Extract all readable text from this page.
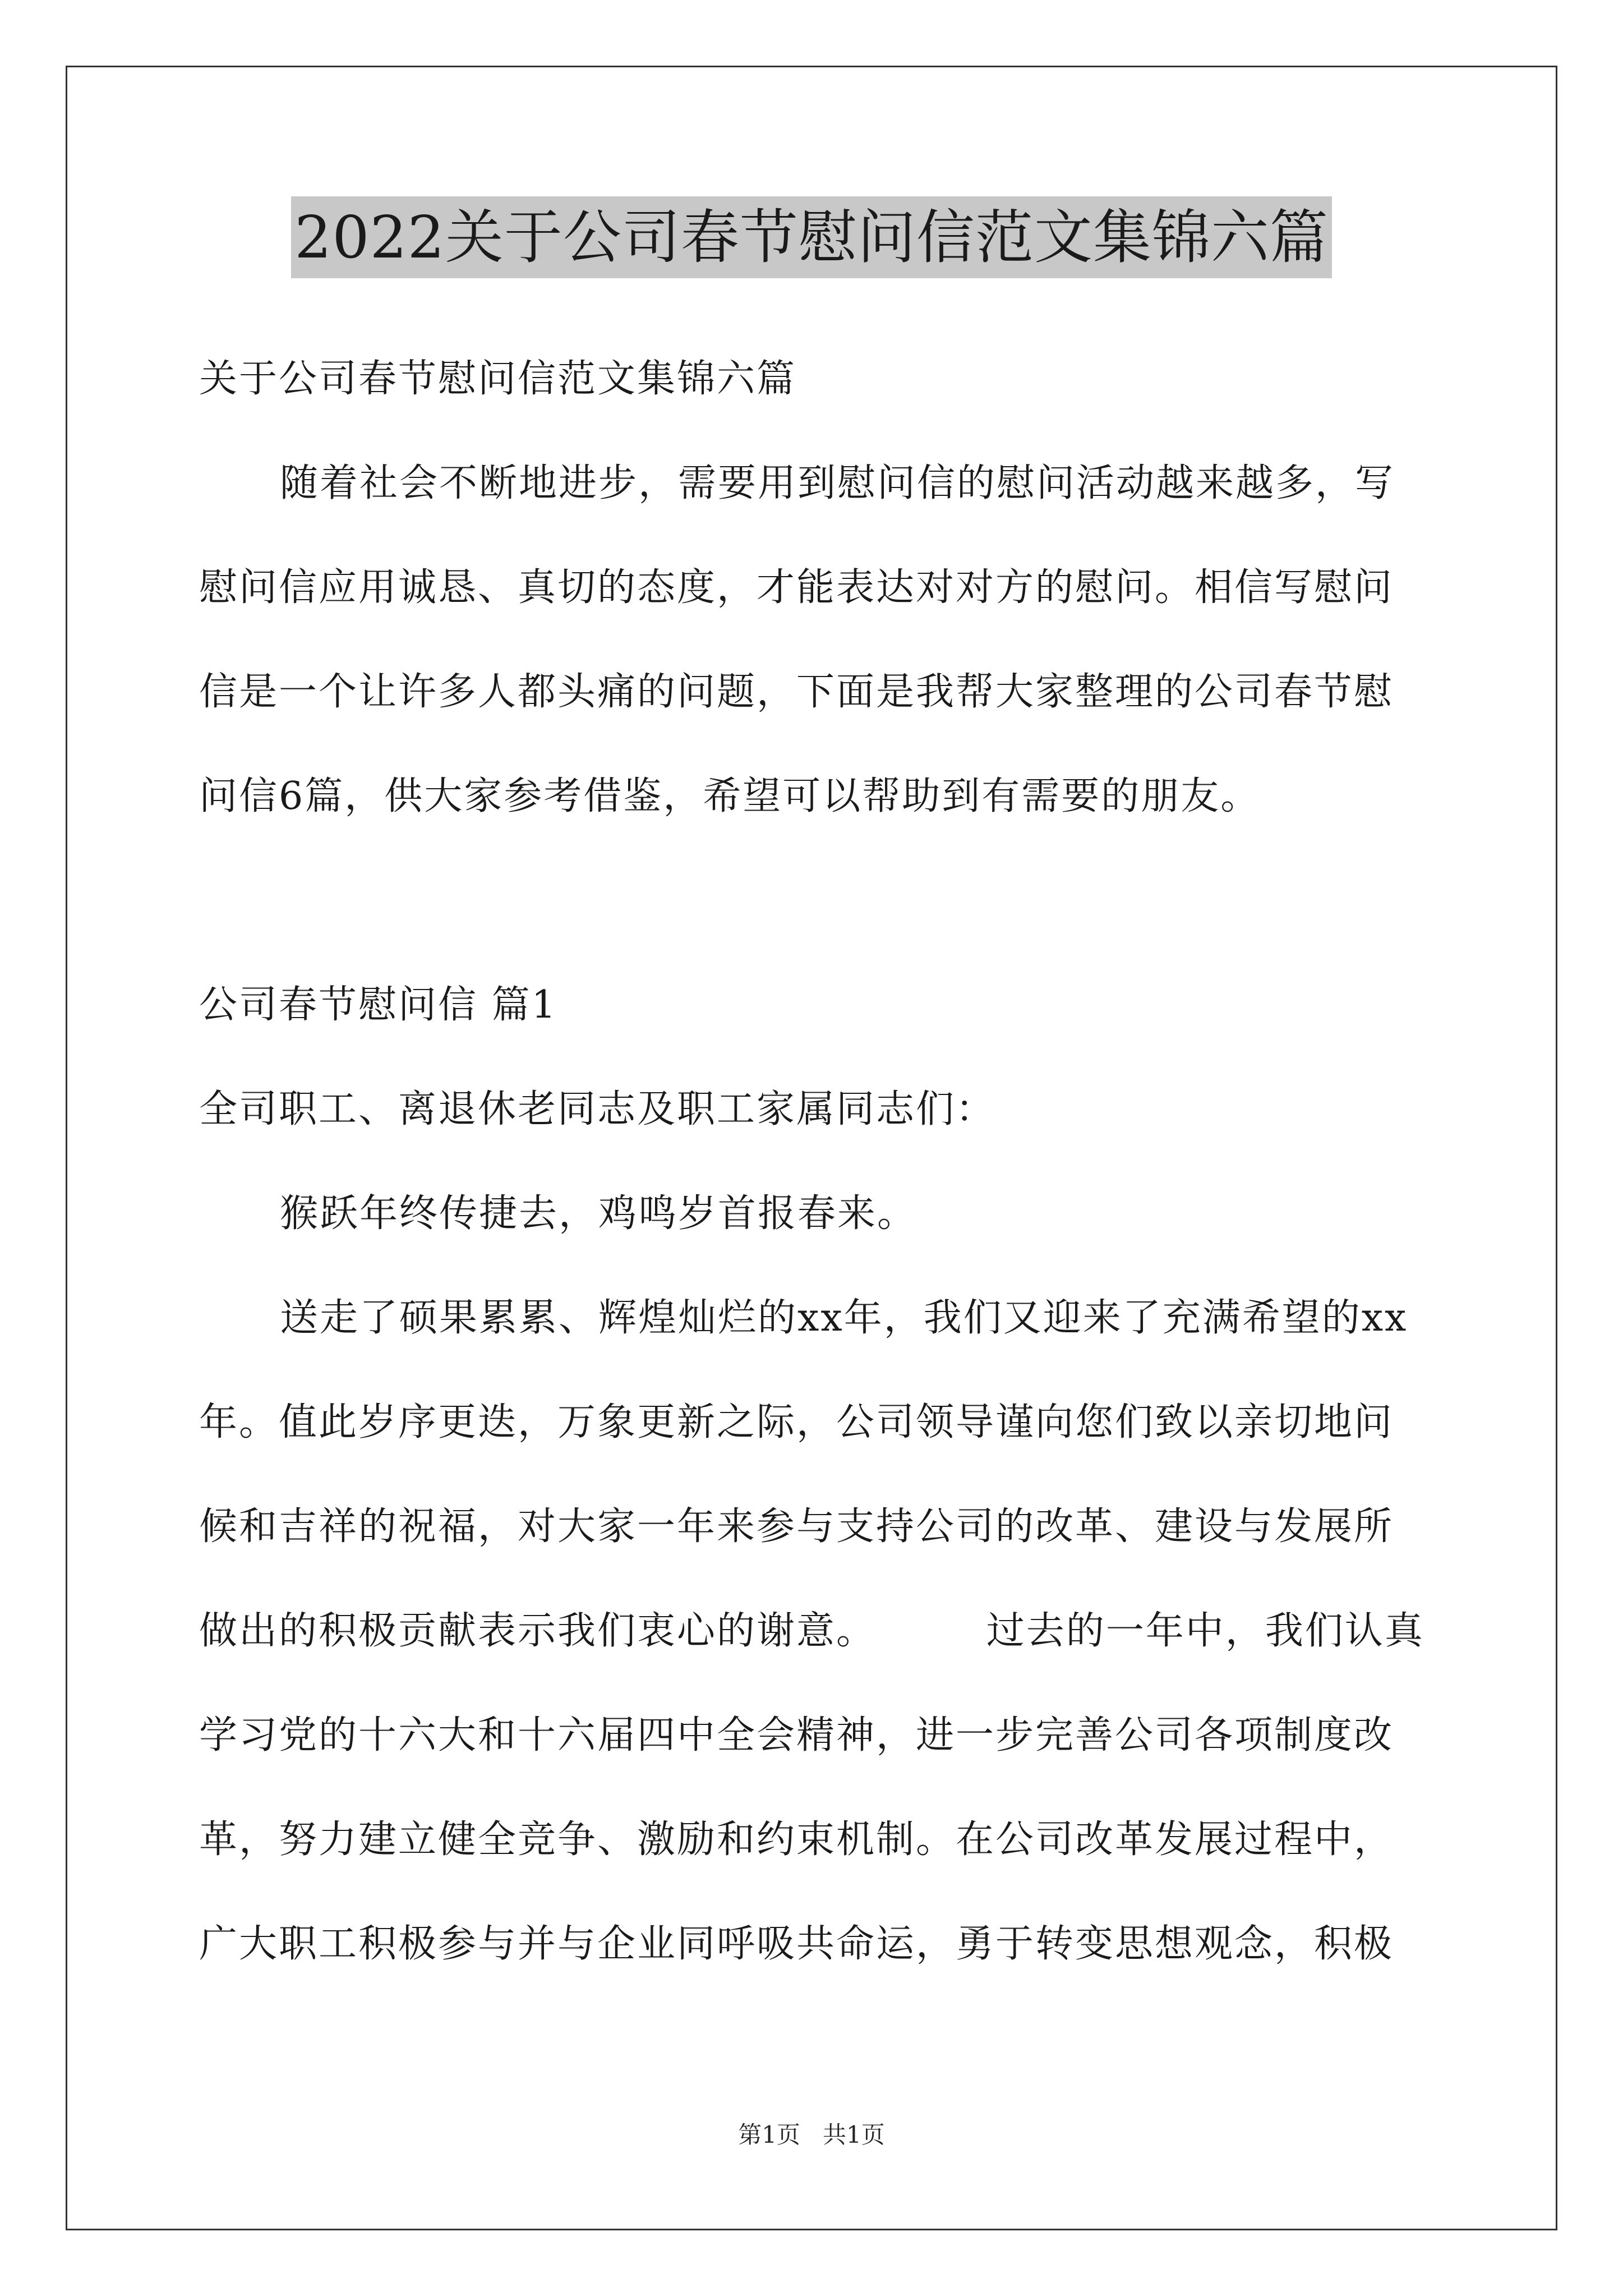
2022关于公司春节慰问信范文集锦六篇
关于公司春节慰问信范文集锦六篇
随着社会不断地进步，需要用到慰问信的慰问活动越来越多，写
慰问信应用诚恳、真切的态度，才能表达对对方的慰问。相信写慰问
信是一个让许多人都头痛的问题，下面是我帮大家整理的公司春节慰
问信6篇，供大家参考借鉴，希望可以帮助到有需要的朋友。
公司春节慰问信 篇1
全司职工、离退休老同志及职工家属同志们：
猴跃年终传捷去，鸡鸣岁首报春来。
送走了硕果累累、辉煌灿烂的xx年，我们又迎来了充满希望的xx
年。值此岁序更迭，万象更新之际，公司领导谨向您们致以亲切地问
候和吉祥的祝福，对大家一年来参与支持公司的改革、建设与发展所
做出的积极贡献表示我们衷心的谢意。        过去的一年中，我们认真
学习党的十六大和十六届四中全会精神，进一步完善公司各项制度改
革，努力建立健全竞争、激励和约束机制。在公司改革发展过程中，
广大职工积极参与并与企业同呼吸共命运，勇于转变思想观念，积极
第1页   共1页
